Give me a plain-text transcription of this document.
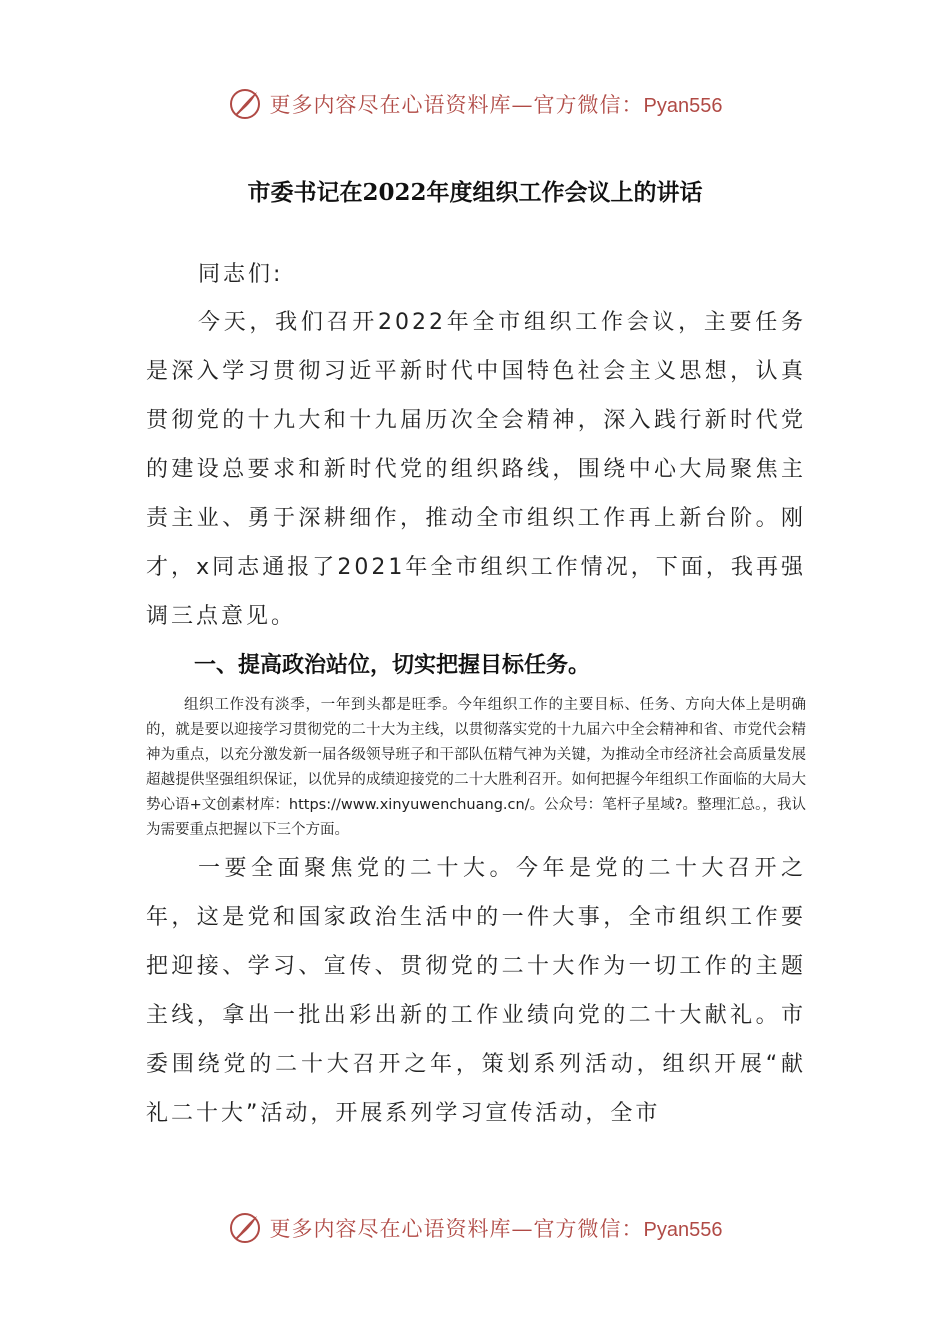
更多内容尽在心语资料库—官方微信：Pyan556
市委书记在2022年度组织工作会议上的讲话

同志们:

今天，我们召开2022年全市组织工作会议，主要任务是深入学习贯彻习近平新时代中国特色社会主义思想，认真贯彻党的十九大和十九届历次全会精神，深入践行新时代党的建设总要求和新时代党的组织路线，围绕中心大局聚焦主责主业、勇于深耕细作，推动全市组织工作再上新台阶。刚才，x同志通报了2021年全市组织工作情况，下面，我再强调三点意见。

一、提高政治站位，切实把握目标任务。

组织工作没有淡季，一年到头都是旺季。今年组织工作的主要目标、任务、方向大体上是明确的，就是要以迎接学习贯彻党的二十大为主线，以贯彻落实党的十九届六中全会精神和省、市党代会精神为重点，以充分激发新一届各级领导班子和干部队伍精气神为关键，为推动全市经济社会高质量发展超越提供坚强组织保证，以优异的成绩迎接党的二十大胜利召开。如何把握今年组织工作面临的大局大势心语+文创素材库：https://www.xinyuwenchuang.cn/。公众号：笔杆子星域?。整理汇总。，我认为需要重点把握以下三个方面。

一要全面聚焦党的二十大。今年是党的二十大召开之年，这是党和国家政治生活中的一件大事，全市组织工作要把迎接、学习、宣传、贯彻党的二十大作为一切工作的主题主线，拿出一批出彩出新的工作业绩向党的二十大献礼。市委围绕党的二十大召开之年，策划系列活动，组织开展“献礼二十大”活动，开展系列学习宣传活动，全市

更多内容尽在心语资料库—官方微信：Pyan556
